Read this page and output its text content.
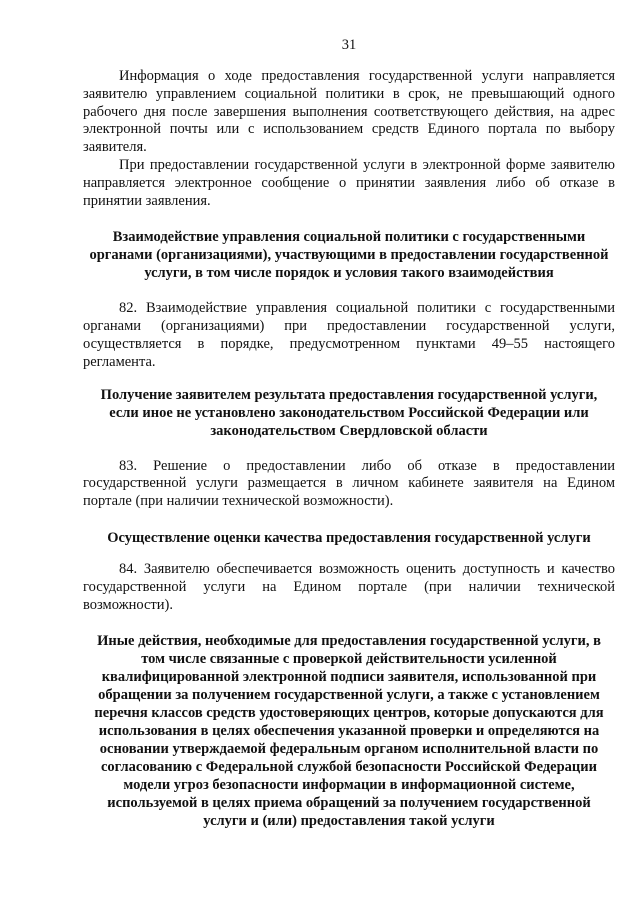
31

Информация о ходе предоставления государственной услуги направляется заявителю управлением социальной политики в срок, не превышающий одного рабочего дня после завершения выполнения соответствующего действия, на адрес электронной почты или с использованием средств Единого портала по выбору заявителя.

При предоставлении государственной услуги в электронной форме заявителю направляется электронное сообщение о принятии заявления либо об отказе в принятии заявления.

Взаимодействие управления социальной политики с государственными органами (организациями), участвующими в предоставлении государственной услуги, в том числе порядок и условия такого взаимодействия

82. Взаимодействие управления социальной политики с государственными органами (организациями) при предоставлении государственной услуги, осуществляется в порядке, предусмотренном пунктами 49–55 настоящего регламента.

Получение заявителем результата предоставления государственной услуги, если иное не установлено законодательством Российской Федерации или законодательством Свердловской области

83. Решение о предоставлении либо об отказе в предоставлении государственной услуги размещается в личном кабинете заявителя на Едином портале (при наличии технической возможности).

Осуществление оценки качества предоставления государственной услуги

84. Заявителю обеспечивается возможность оценить доступность и качество государственной услуги на Едином портале (при наличии технической возможности).

Иные действия, необходимые для предоставления государственной услуги, в том числе связанные с проверкой действительности усиленной квалифицированной электронной подписи заявителя, использованной при обращении за получением государственной услуги, а также с установлением перечня классов средств удостоверяющих центров, которые допускаются для использования в целях обеспечения указанной проверки и определяются на основании утверждаемой федеральным органом исполнительной власти по согласованию с Федеральной службой безопасности Российской Федерации модели угроз безопасности информации в информационной системе, используемой в целях приема обращений за получением государственной услуги и (или) предоставления такой услуги
